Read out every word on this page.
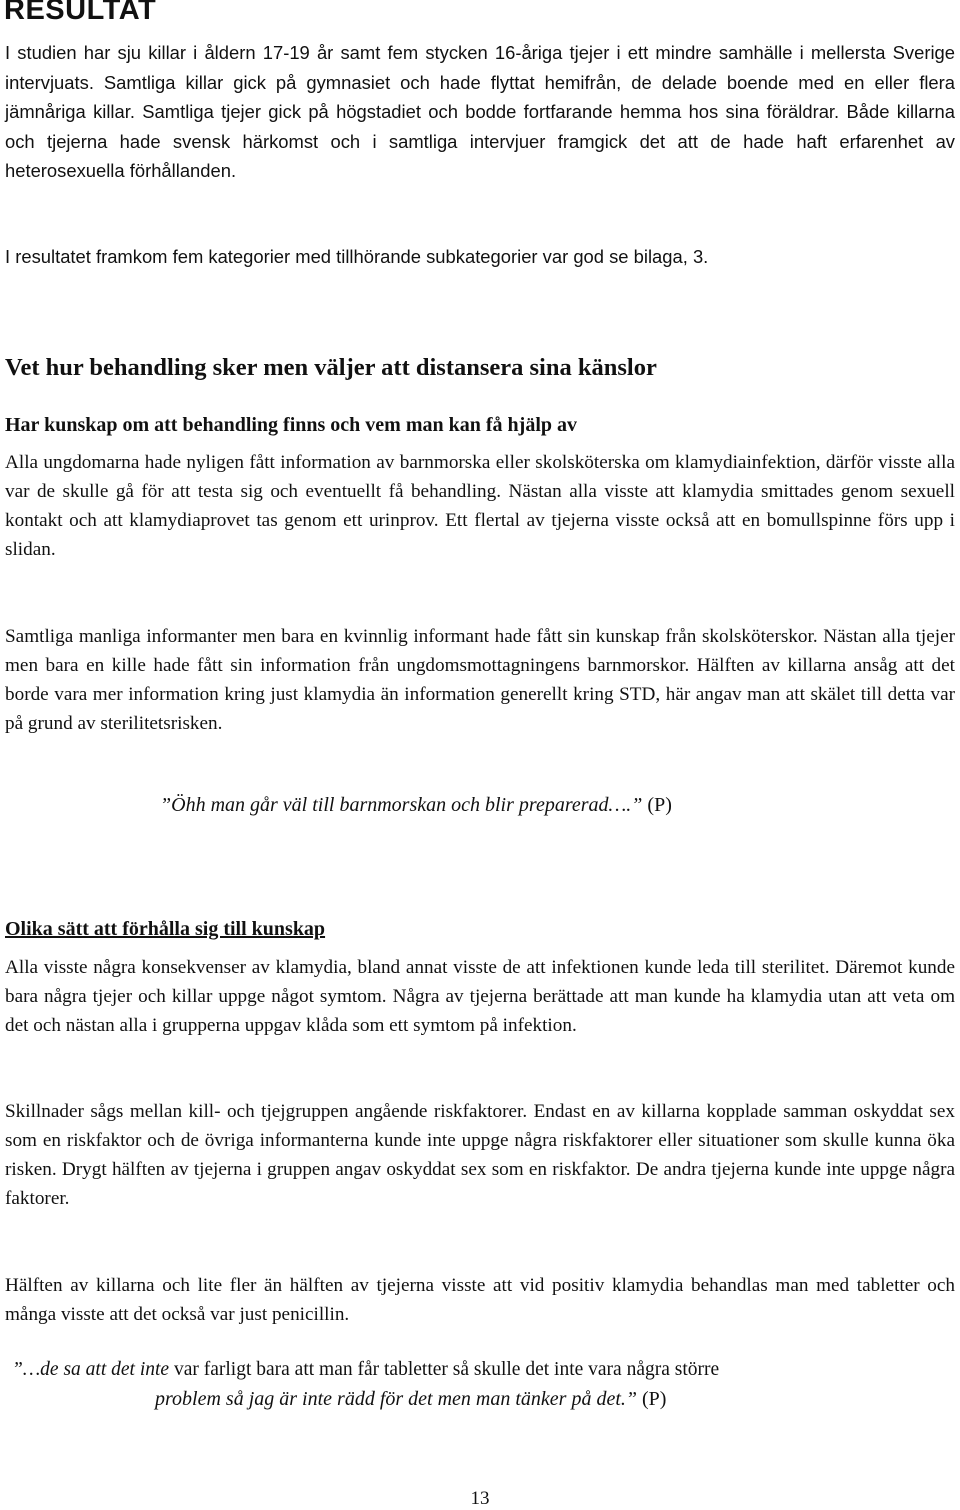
RESULTAT

I studien har sju killar i åldern 17-19 år samt fem stycken 16-åriga tjejer i ett mindre samhälle i mellersta Sverige intervjuats. Samtliga killar gick på gymnasiet och hade flyttat hemifrån, de delade boende med en eller flera jämnåriga killar. Samtliga tjejer gick på högstadiet och bodde fortfarande hemma hos sina föräldrar. Både killarna och tjejerna hade svensk härkomst och i samtliga intervjuer framgick det att de hade haft erfarenhet av heterosexuella förhållanden.

I resultatet framkom fem kategorier med tillhörande subkategorier var god se bilaga, 3.

Vet hur behandling sker men väljer att distansera sina känslor
Har kunskap om att behandling finns och vem man kan få hjälp av

Alla ungdomarna hade nyligen fått information av barnmorska eller skolsköterska om klamydiainfektion, därför visste alla var de skulle gå för att testa sig och eventuellt få behandling. Nästan alla visste att klamydia smittades genom sexuell kontakt och att klamydiaprovet tas genom ett urinprov. Ett flertal av tjejerna visste också att en bomullspinne förs upp i slidan.

Samtliga manliga informanter men bara en kvinnlig informant hade fått sin kunskap från skolsköterskor. Nästan alla tjejer men bara en kille hade fått sin information från ungdomsmottagningens barnmorskor. Hälften av killarna ansåg att det borde vara mer information kring just klamydia än information generellt kring STD, här angav man att skälet till detta var på grund av sterilitetsrisken.

”Öhh man går väl till barnmorskan och blir preparerad….” (P)

Olika sätt att förhålla sig till kunskap

Alla visste några konsekvenser av klamydia, bland annat visste de att infektionen kunde leda till sterilitet. Däremot kunde bara några tjejer och killar uppge något symtom. Några av tjejerna berättade att man kunde ha klamydia utan att veta om det och nästan alla i grupperna uppgav klåda som ett symtom på infektion.

Skillnader sågs mellan kill- och tjejgruppen angående riskfaktorer. Endast en av killarna kopplade samman oskyddat sex som en riskfaktor och de övriga informanterna kunde inte uppge några riskfaktorer eller situationer som skulle kunna öka risken. Drygt hälften av tjejerna i gruppen angav oskyddat sex som en riskfaktor. De andra tjejerna kunde inte uppge några faktorer.

Hälften av killarna och lite fler än hälften av tjejerna visste att vid positiv klamydia behandlas man med tabletter och många visste att det också var just penicillin.

”…de sa att det inte var farligt bara att man får tabletter så skulle det inte vara några större

problem så jag är inte rädd för det men man tänker på det.” (P)

13
